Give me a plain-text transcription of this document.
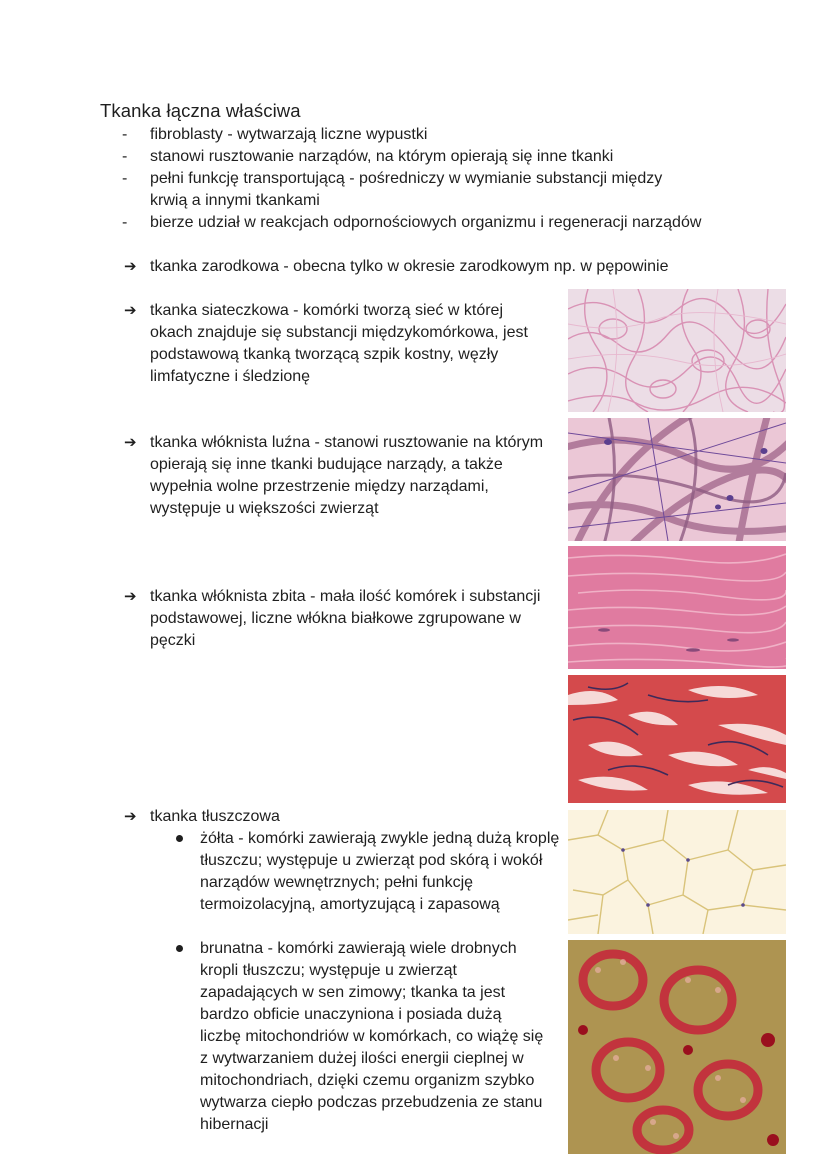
Tkanka łączna właściwa
- fibroblasty - wytwarzają liczne wypustki
- stanowi rusztowanie narządów, na którym opierają się inne tkanki
- pełni funkcję transportującą - pośredniczy w wymianie substancji między krwią a innymi tkankami
- bierze udział w reakcjach odpornościowych organizmu i regeneracji narządów
➔ tkanka zarodkowa - obecna tylko w okresie zarodkowym np. w pępowinie
➔ tkanka siateczkowa - komórki tworzą sieć w której okach znajduje się substancji międzykomórkowa, jest podstawową tkanką tworzącą szpik kostny, węzły limfatyczne i śledzionę
➔ tkanka włóknista luźna - stanowi rusztowanie na którym opierają się inne tkanki budujące narządy, a także wypełnia wolne przestrzenie między narządami, występuje u większości zwierząt
➔ tkanka włóknista zbita - mała ilość komórek i substancji podstawowej, liczne włókna białkowe zgrupowane w pęczki
➔ tkanka tłuszczowa
żółta - komórki zawierają zwykle jedną dużą kroplę tłuszczu; występuje u zwierząt pod skórą i wokół narządów wewnętrznych; pełni funkcję termoizolacyjną, amortyzującą i zapasową
brunatna - komórki zawierają wiele drobnych kropli tłuszczu; występuje u zwierząt zapadających w sen zimowy; tkanka ta jest bardzo obficie unaczyniona i posiada dużą liczbę mitochondriów w komórkach, co wiążę się z wytwarzaniem dużej ilości energii cieplnej w mitochondriach, dzięki czemu organizm szybko wytwarza ciepło podczas przebudzenia ze stanu hibernacji
